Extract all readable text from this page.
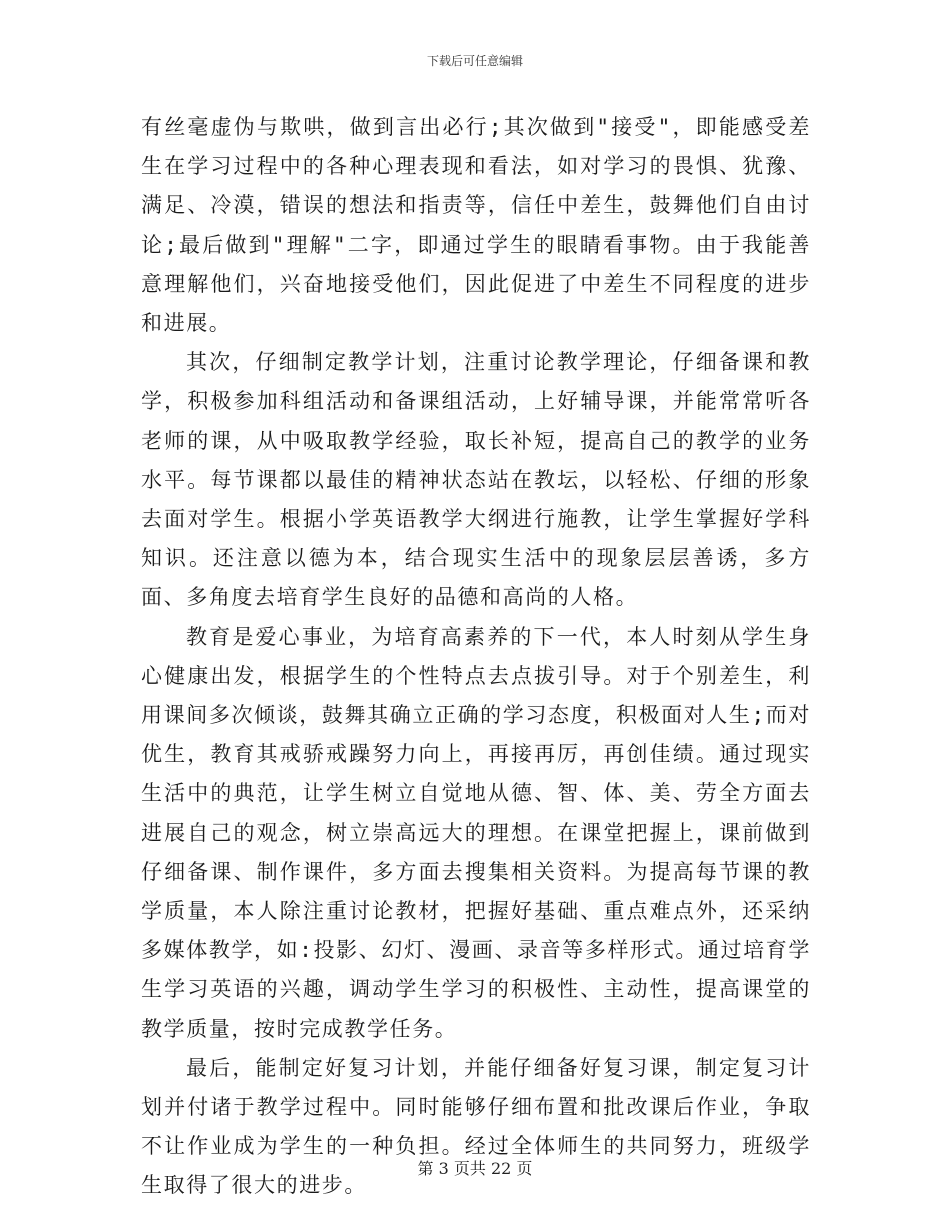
下载后可任意编辑

有丝毫虚伪与欺哄，做到言出必行;其次做到"接受"，即能感受差生在学习过程中的各种心理表现和看法，如对学习的畏惧、犹豫、满足、冷漠，错误的想法和指责等，信任中差生，鼓舞他们自由讨论;最后做到"理解"二字，即通过学生的眼睛看事物。由于我能善意理解他们，兴奋地接受他们，因此促进了中差生不同程度的进步和进展。

其次，仔细制定教学计划，注重讨论教学理论，仔细备课和教学，积极参加科组活动和备课组活动，上好辅导课，并能常常听各老师的课，从中吸取教学经验，取长补短，提高自己的教学的业务水平。每节课都以最佳的精神状态站在教坛，以轻松、仔细的形象去面对学生。根据小学英语教学大纲进行施教，让学生掌握好学科知识。还注意以德为本，结合现实生活中的现象层层善诱，多方面、多角度去培育学生良好的品德和高尚的人格。

教育是爱心事业，为培育高素养的下一代，本人时刻从学生身心健康出发，根据学生的个性特点去点拔引导。对于个别差生，利用课间多次倾谈，鼓舞其确立正确的学习态度，积极面对人生;而对优生，教育其戒骄戒躁努力向上，再接再厉，再创佳绩。通过现实生活中的典范，让学生树立自觉地从德、智、体、美、劳全方面去进展自己的观念，树立崇高远大的理想。在课堂把握上，课前做到仔细备课、制作课件，多方面去搜集相关资料。为提高每节课的教学质量，本人除注重讨论教材，把握好基础、重点难点外，还采纳多媒体教学，如:投影、幻灯、漫画、录音等多样形式。通过培育学生学习英语的兴趣，调动学生学习的积极性、主动性，提高课堂的教学质量，按时完成教学任务。

最后，能制定好复习计划，并能仔细备好复习课，制定复习计划并付诸于教学过程中。同时能够仔细布置和批改课后作业，争取不让作业成为学生的一种负担。经过全体师生的共同努力，班级学生取得了很大的进步。

第 3 页共 22 页
